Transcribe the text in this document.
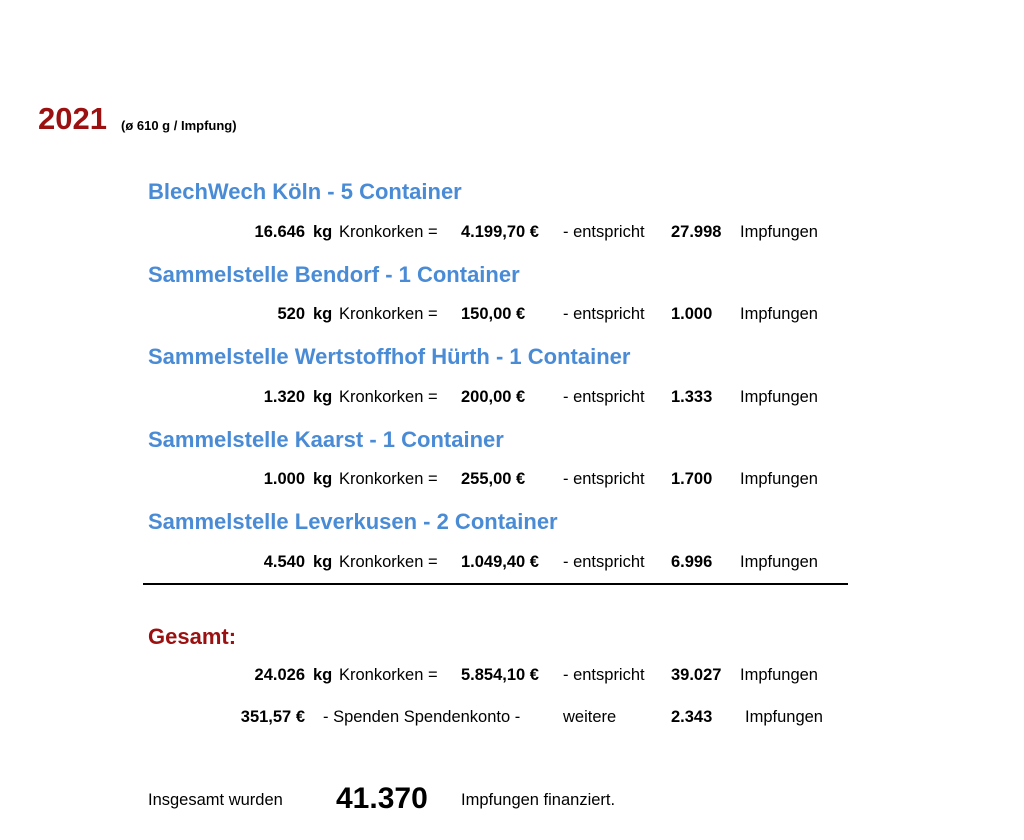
2021 (ø 610 g / Impfung)
BlechWech Köln - 5 Container
16.646 kg Kronkorken = 4.199,70 € - entspricht 27.998 Impfungen
Sammelstelle Bendorf - 1 Container
520 kg Kronkorken = 150,00 € - entspricht 1.000 Impfungen
Sammelstelle Wertstoffhof Hürth - 1 Container
1.320 kg Kronkorken = 200,00 € - entspricht 1.333 Impfungen
Sammelstelle Kaarst - 1 Container
1.000 kg Kronkorken = 255,00 € - entspricht 1.700 Impfungen
Sammelstelle Leverkusen - 2 Container
4.540 kg Kronkorken = 1.049,40 € - entspricht 6.996 Impfungen
Gesamt:
24.026 kg Kronkorken = 5.854,10 € - entspricht 39.027 Impfungen
351,57 € - Spenden Spendenkonto -	weitere	2.343 Impfungen
Insgesamt wurden 41.370 Impfungen finanziert.
